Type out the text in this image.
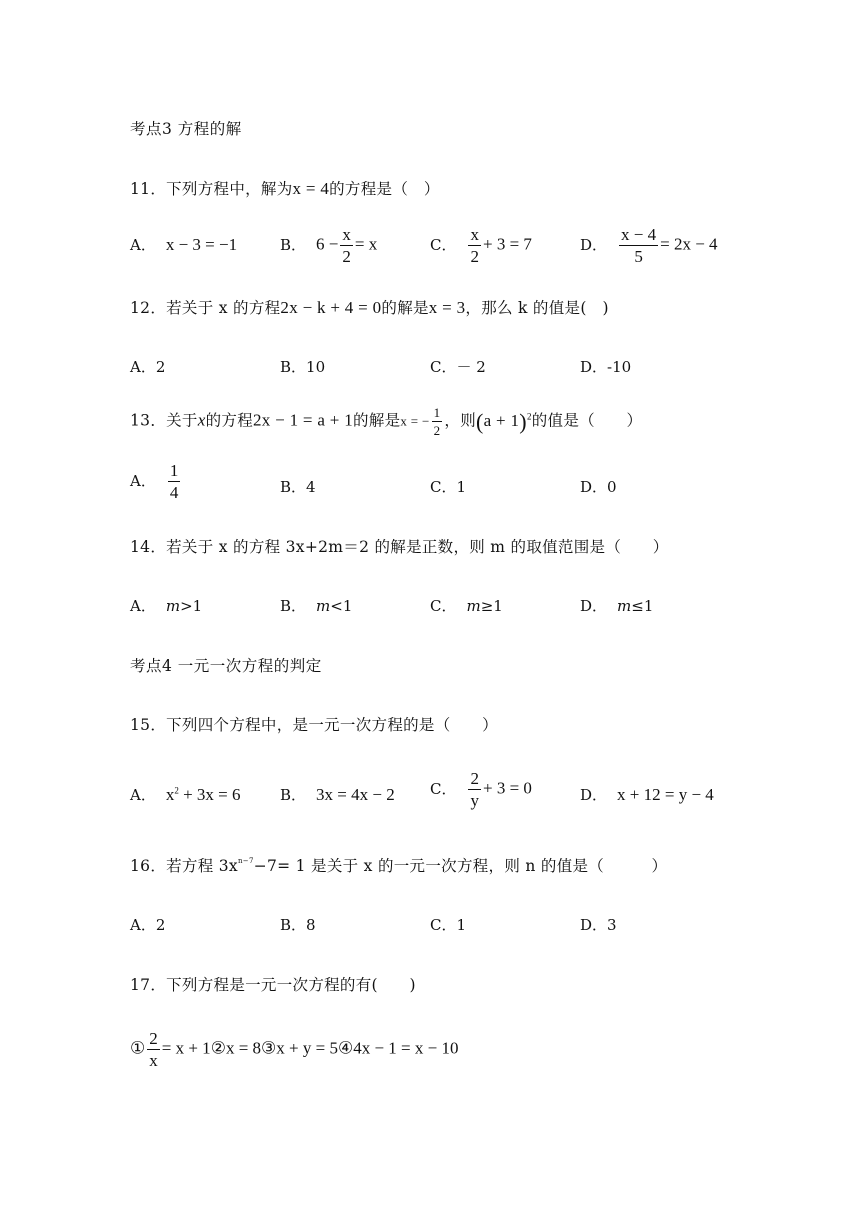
考点3 方程的解
11．下列方程中，解为x = 4的方程是（　）
A． x − 3 = −1	B． $6 - \frac{x}{2} = x$	C． $\frac{x}{2} + 3 = 7$	D． $\frac{x - 4}{5} = 2x - 4$
12．若关于 x 的方程2x − k + 4 = 0的解是x = 3，那么 k 的值是(　)
A．2	B．10	C．－ 2	D．-10
13．关于x的方程2x − 1 = a + 1的解是x = − $\frac{1}{2}$ ，则$(a + 1)^2$的值是（　　）
A． $\frac{1}{4}$	B．4	C．1	D．0
14．若关于 x 的方程 3x+2m＝2 的解是正数，则 m 的取值范围是（　　）
A． m>1	B． m<1	C． m≥1	D． m≤1
考点4 一元一次方程的判定
15．下列四个方程中，是一元一次方程的是（　　）
A． $x^2 + 3x = 6$	B． 3x = 4x − 2 C． $\frac{2}{y} + 3 = 0$	D． x + 12 = y − 4
16．若方程 $3x^{n-7}-7= 1$ 是关于 x 的一元一次方程，则 n 的值是（　　　）
A．2	B．8	C．1	D．3
17．下列方程是一元一次方程的有(　　)
① $\frac{2}{x} = x$ + 1②x = 8③x + y = 5④4x − 1 = x − 10
